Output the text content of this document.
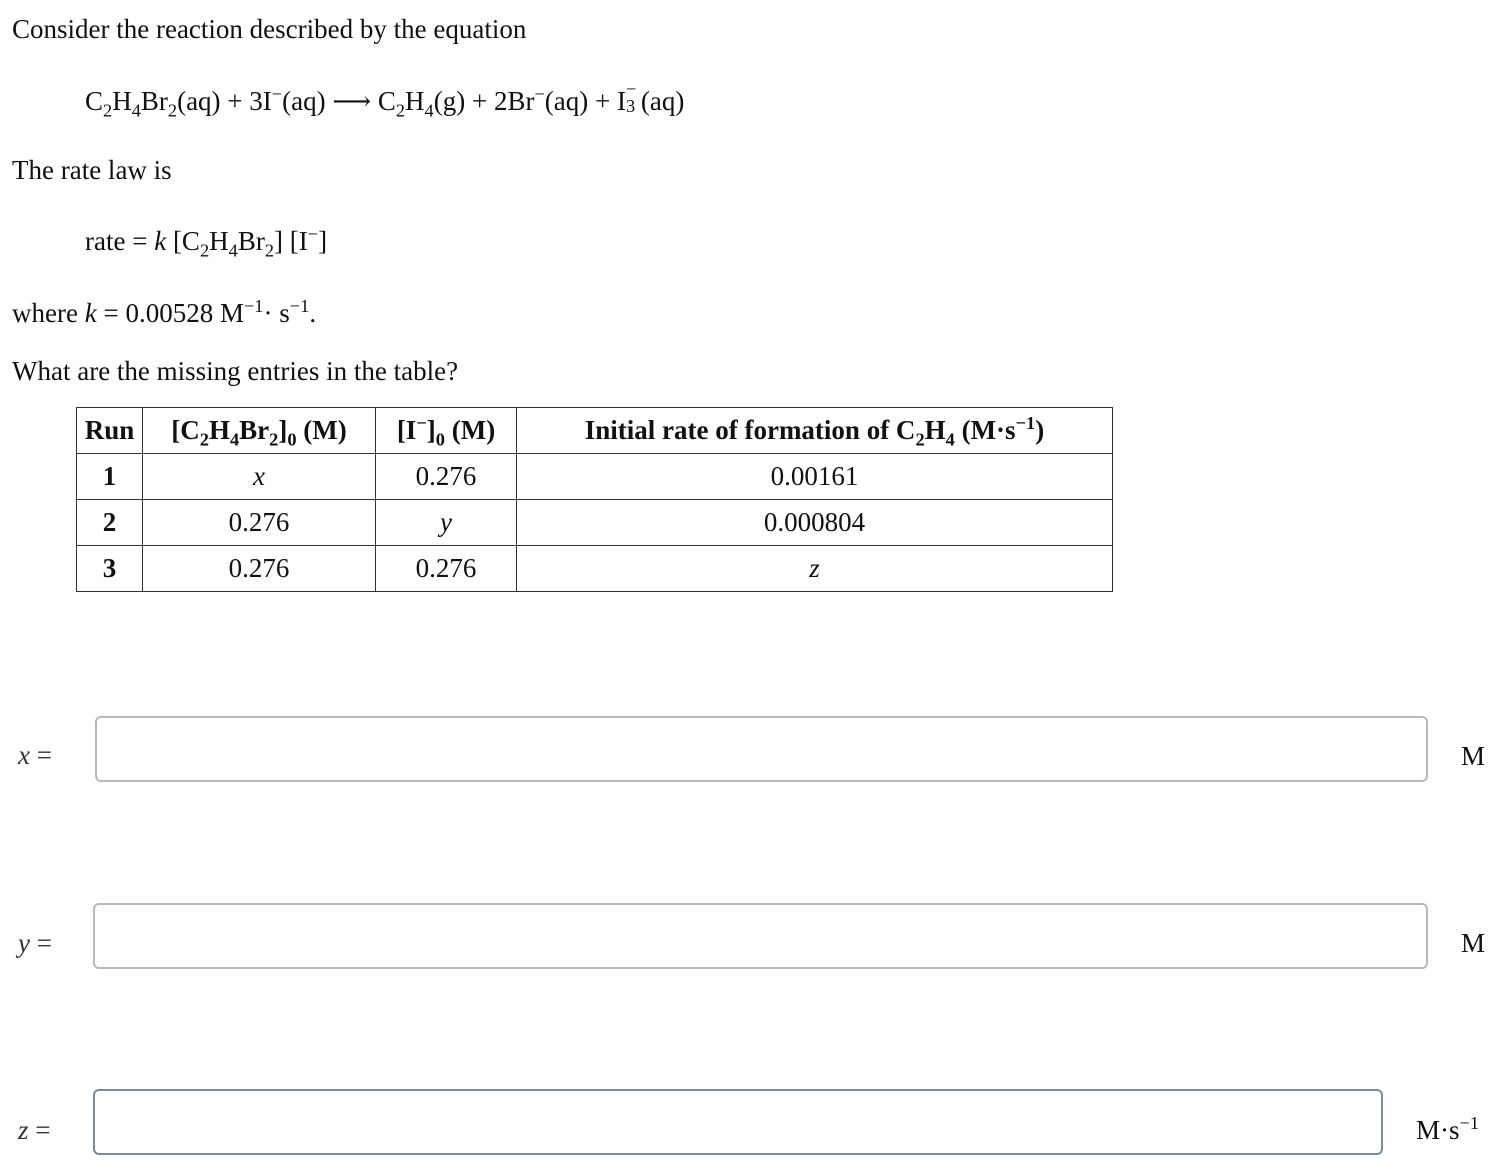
Consider the reaction described by the equation
$C_2H_4Br_2(aq) + 3I^-(aq)$ ⟶ $C_2H_4(g) + 2Br^-(aq) + I$ −
3 (aq)
The rate law is
rate = k $[C_2H_4Br_2]$ [I−]
where k = 0.00528 $M^{-1}\cdot s^{-1}$.
What are the missing entries in the table?
Run	$[C_2H_4Br_2]_0$ (M)	$[I^-]_0$ (M)	Initial rate of formation of $C_2H_4$ $(M\cdot s^{-1})$
1	x	0.276	0.00161
2	0.276	y	0.000804
3	0.276	0.276	z
x =	M
y =	M
z =	$M\cdot s^{-1}$
